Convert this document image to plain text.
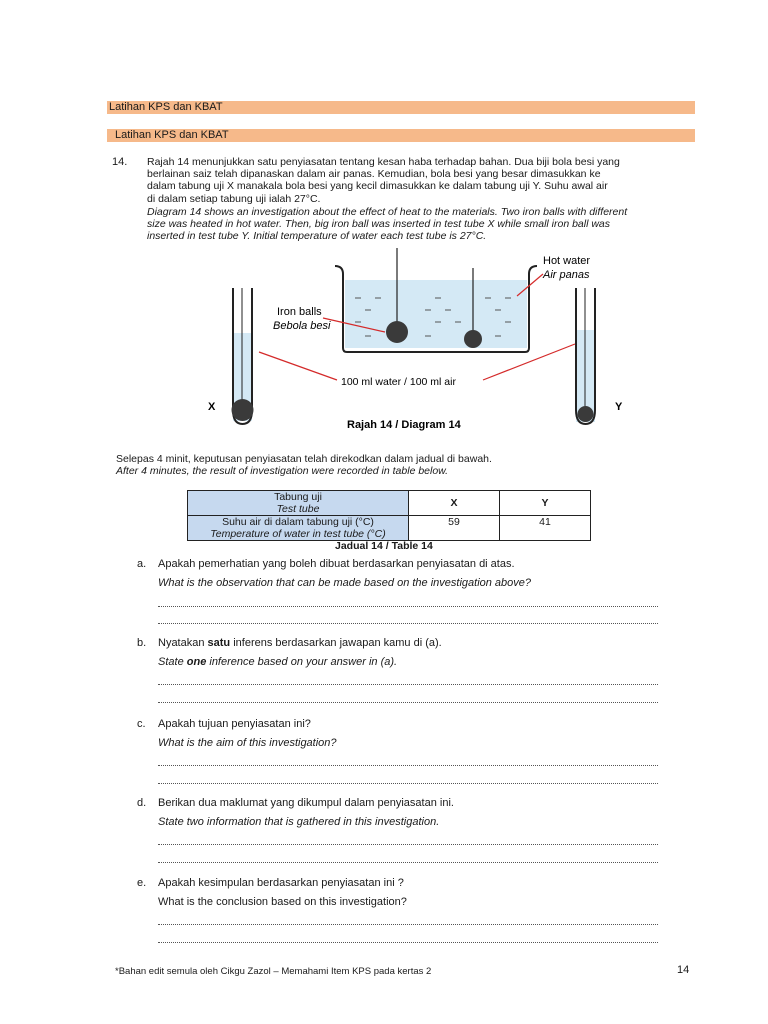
Latihan KPS dan KBAT
Latihan KPS dan KBAT
14. Rajah 14 menunjukkan satu penyiasatan tentang kesan haba terhadap bahan. Dua biji bola besi yang
berlainan saiz telah dipanaskan dalam air panas. Kemudian, bola besi yang besar dimasukkan ke
dalam tabung uji X manakala bola besi yang kecil dimasukkan ke dalam tabung uji Y. Suhu awal air
di dalam setiap tabung uji ialah 27°C.
Diagram 14 shows an investigation about the effect of heat to the materials. Two iron balls with different
size was heated in hot water. Then, big iron ball was inserted in test tube X while small iron ball was
inserted in test tube Y. Initial temperature of water each test tube is 27°C.
X	Y
Hot water
Air panas
Iron balls
Bebola besi
100 ml water / 100 ml air
Rajah 14 / Diagram 14
Selepas 4 minit, keputusan penyiasatan telah direkodkan dalam jadual di bawah.
After 4 minutes, the result of investigation were recorded in table below.
Tabung uji
Test tube	X	Y

Suhu air di dalam tabung uji (°C)
Temperature of water in test tube (°C)	59	41
Jadual 14 / Table 14
a. Apakah pemerhatian yang boleh dibuat berdasarkan penyiasatan di atas.
What is the observation that can be made based on the investigation above?
b. Nyatakan satu inferens berdasarkan jawapan kamu di (a).
State one inference based on your answer in (a).
c. Apakah tujuan penyiasatan ini?
What is the aim of this investigation?
d. Berikan dua maklumat yang dikumpul dalam penyiasatan ini.
State two information that is gathered in this investigation.
e. Apakah kesimpulan berdasarkan penyiasatan ini ?
What is the conclusion based on this investigation?
*Bahan edit semula oleh Cikgu Zazol – Memahami Item KPS pada kertas 2	14
